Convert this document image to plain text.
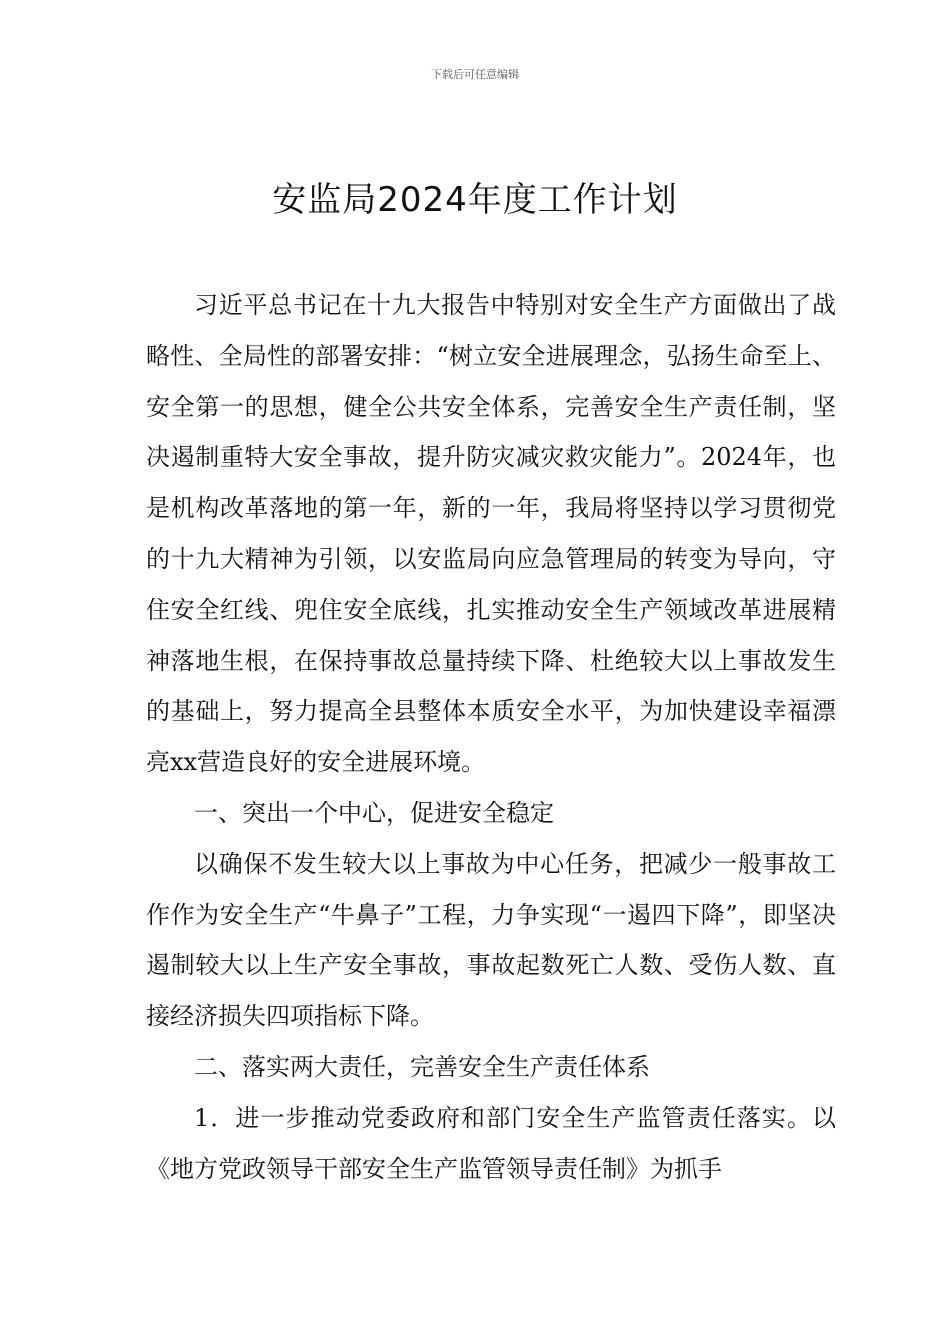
下载后可任意编辑
安监局2024年度工作计划

习近平总书记在十九大报告中特别对安全生产方面做出了战略性、全局性的部署安排：“树立安全进展理念，弘扬生命至上、安全第一的思想，健全公共安全体系，完善安全生产责任制，坚决遏制重特大安全事故，提升防灾减灾救灾能力”。2024年，也是机构改革落地的第一年，新的一年，我局将坚持以学习贯彻党的十九大精神为引领，以安监局向应急管理局的转变为导向，守住安全红线、兜住安全底线，扎实推动安全生产领域改革进展精神落地生根，在保持事故总量持续下降、杜绝较大以上事故发生的基础上，努力提高全县整体本质安全水平，为加快建设幸福漂亮xx营造良好的安全进展环境。

一、突出一个中心，促进安全稳定

以确保不发生较大以上事故为中心任务，把减少一般事故工作作为安全生产“牛鼻子”工程，力争实现“一遏四下降”，即坚决遏制较大以上生产安全事故，事故起数死亡人数、受伤人数、直接经济损失四项指标下降。

二、落实两大责任，完善安全生产责任体系

1．进一步推动党委政府和部门安全生产监管责任落实。以《地方党政领导干部安全生产监管领导责任制》为抓手
